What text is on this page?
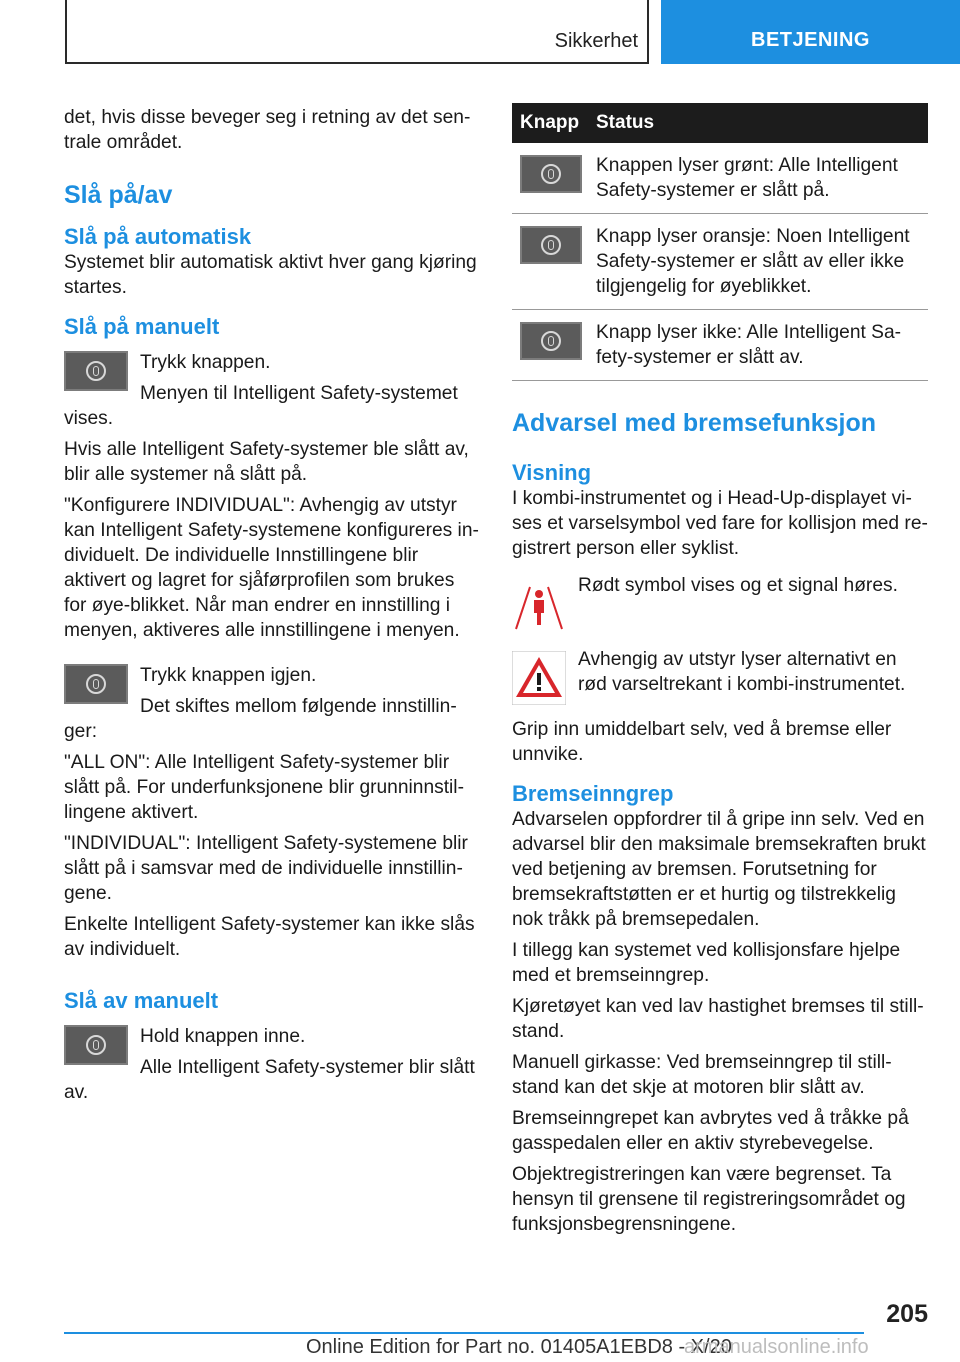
Sikkerhet	BETJENING

det, hvis disse beveger seg i retning av det sen-trale området.

Slå på/av
Slå på automatisk

Systemet blir automatisk aktivt hver gang kjøring startes.

Slå på manuelt

Trykk knappen.

Menyen til Intelligent Safety-systemet vises.

Hvis alle Intelligent Safety-systemer ble slått av, blir alle systemer nå slått på.

"Konfigurere INDIVIDUAL": Avhengig av utstyr kan Intelligent Safety-systemene konfigureres in-dividuelt. De individuelle Innstillingene blir aktivert og lagret for sjåførprofilen som brukes for øye-blikket. Når man endrer en innstilling i menyen, aktiveres alle innstillingene i menyen.

Trykk knappen igjen.

Det skiftes mellom følgende innstillin-ger:

"ALL ON": Alle Intelligent Safety-systemer blir slått på. For underfunksjonene blir grunninnstil-lingene aktivert.

"INDIVIDUAL": Intelligent Safety-systemene blir slått på i samsvar med de individuelle innstillin-gene.

Enkelte Intelligent Safety-systemer kan ikke slås av individuelt.

Slå av manuelt

Hold knappen inne.

Alle Intelligent Safety-systemer blir slått av.

Knapp	Status

	Knappen lyser grønt: Alle Intelligent Safety-systemer er slått på.

	Knapp lyser oransje: Noen Intelligent Safety-systemer er slått av eller ikke tilgjengelig for øyeblikket.

	Knapp lyser ikke: Alle Intelligent Sa-fety-systemer er slått av.
Advarsel med bremsefunksjon
Visning

I kombi-instrumentet og i Head-Up-displayet vi-ses et varselsymbol ved fare for kollisjon med re-gistrert person eller syklist.

Rødt symbol vises og et signal høres.

Avhengig av utstyr lyser alternativt en rød varseltrekant i kombi-instrumentet.

Grip inn umiddelbart selv, ved å bremse eller unnvike.

Bremseinngrep

Advarselen oppfordrer til å gripe inn selv. Ved en advarsel blir den maksimale bremsekraften brukt ved betjening av bremsen. Forutsetning for bremsekraftstøtten er et hurtig og tilstrekkelig nok tråkk på bremsepedalen.

I tillegg kan systemet ved kollisjonsfare hjelpe med et bremseinngrep.

Kjøretøyet kan ved lav hastighet bremses til still-stand.

Manuell girkasse: Ved bremseinngrep til still-stand kan det skje at motoren blir slått av.

Bremseinngrepet kan avbrytes ved å tråkke på gasspedalen eller en aktiv styrebevegelse.

Objektregistreringen kan være begrenset. Ta hensyn til grensene til registreringsområdet og funksjonsbegrensningene.

205
Online Edition for Part no. 01405A1EBD8 - X/20
armanualsonline.info
